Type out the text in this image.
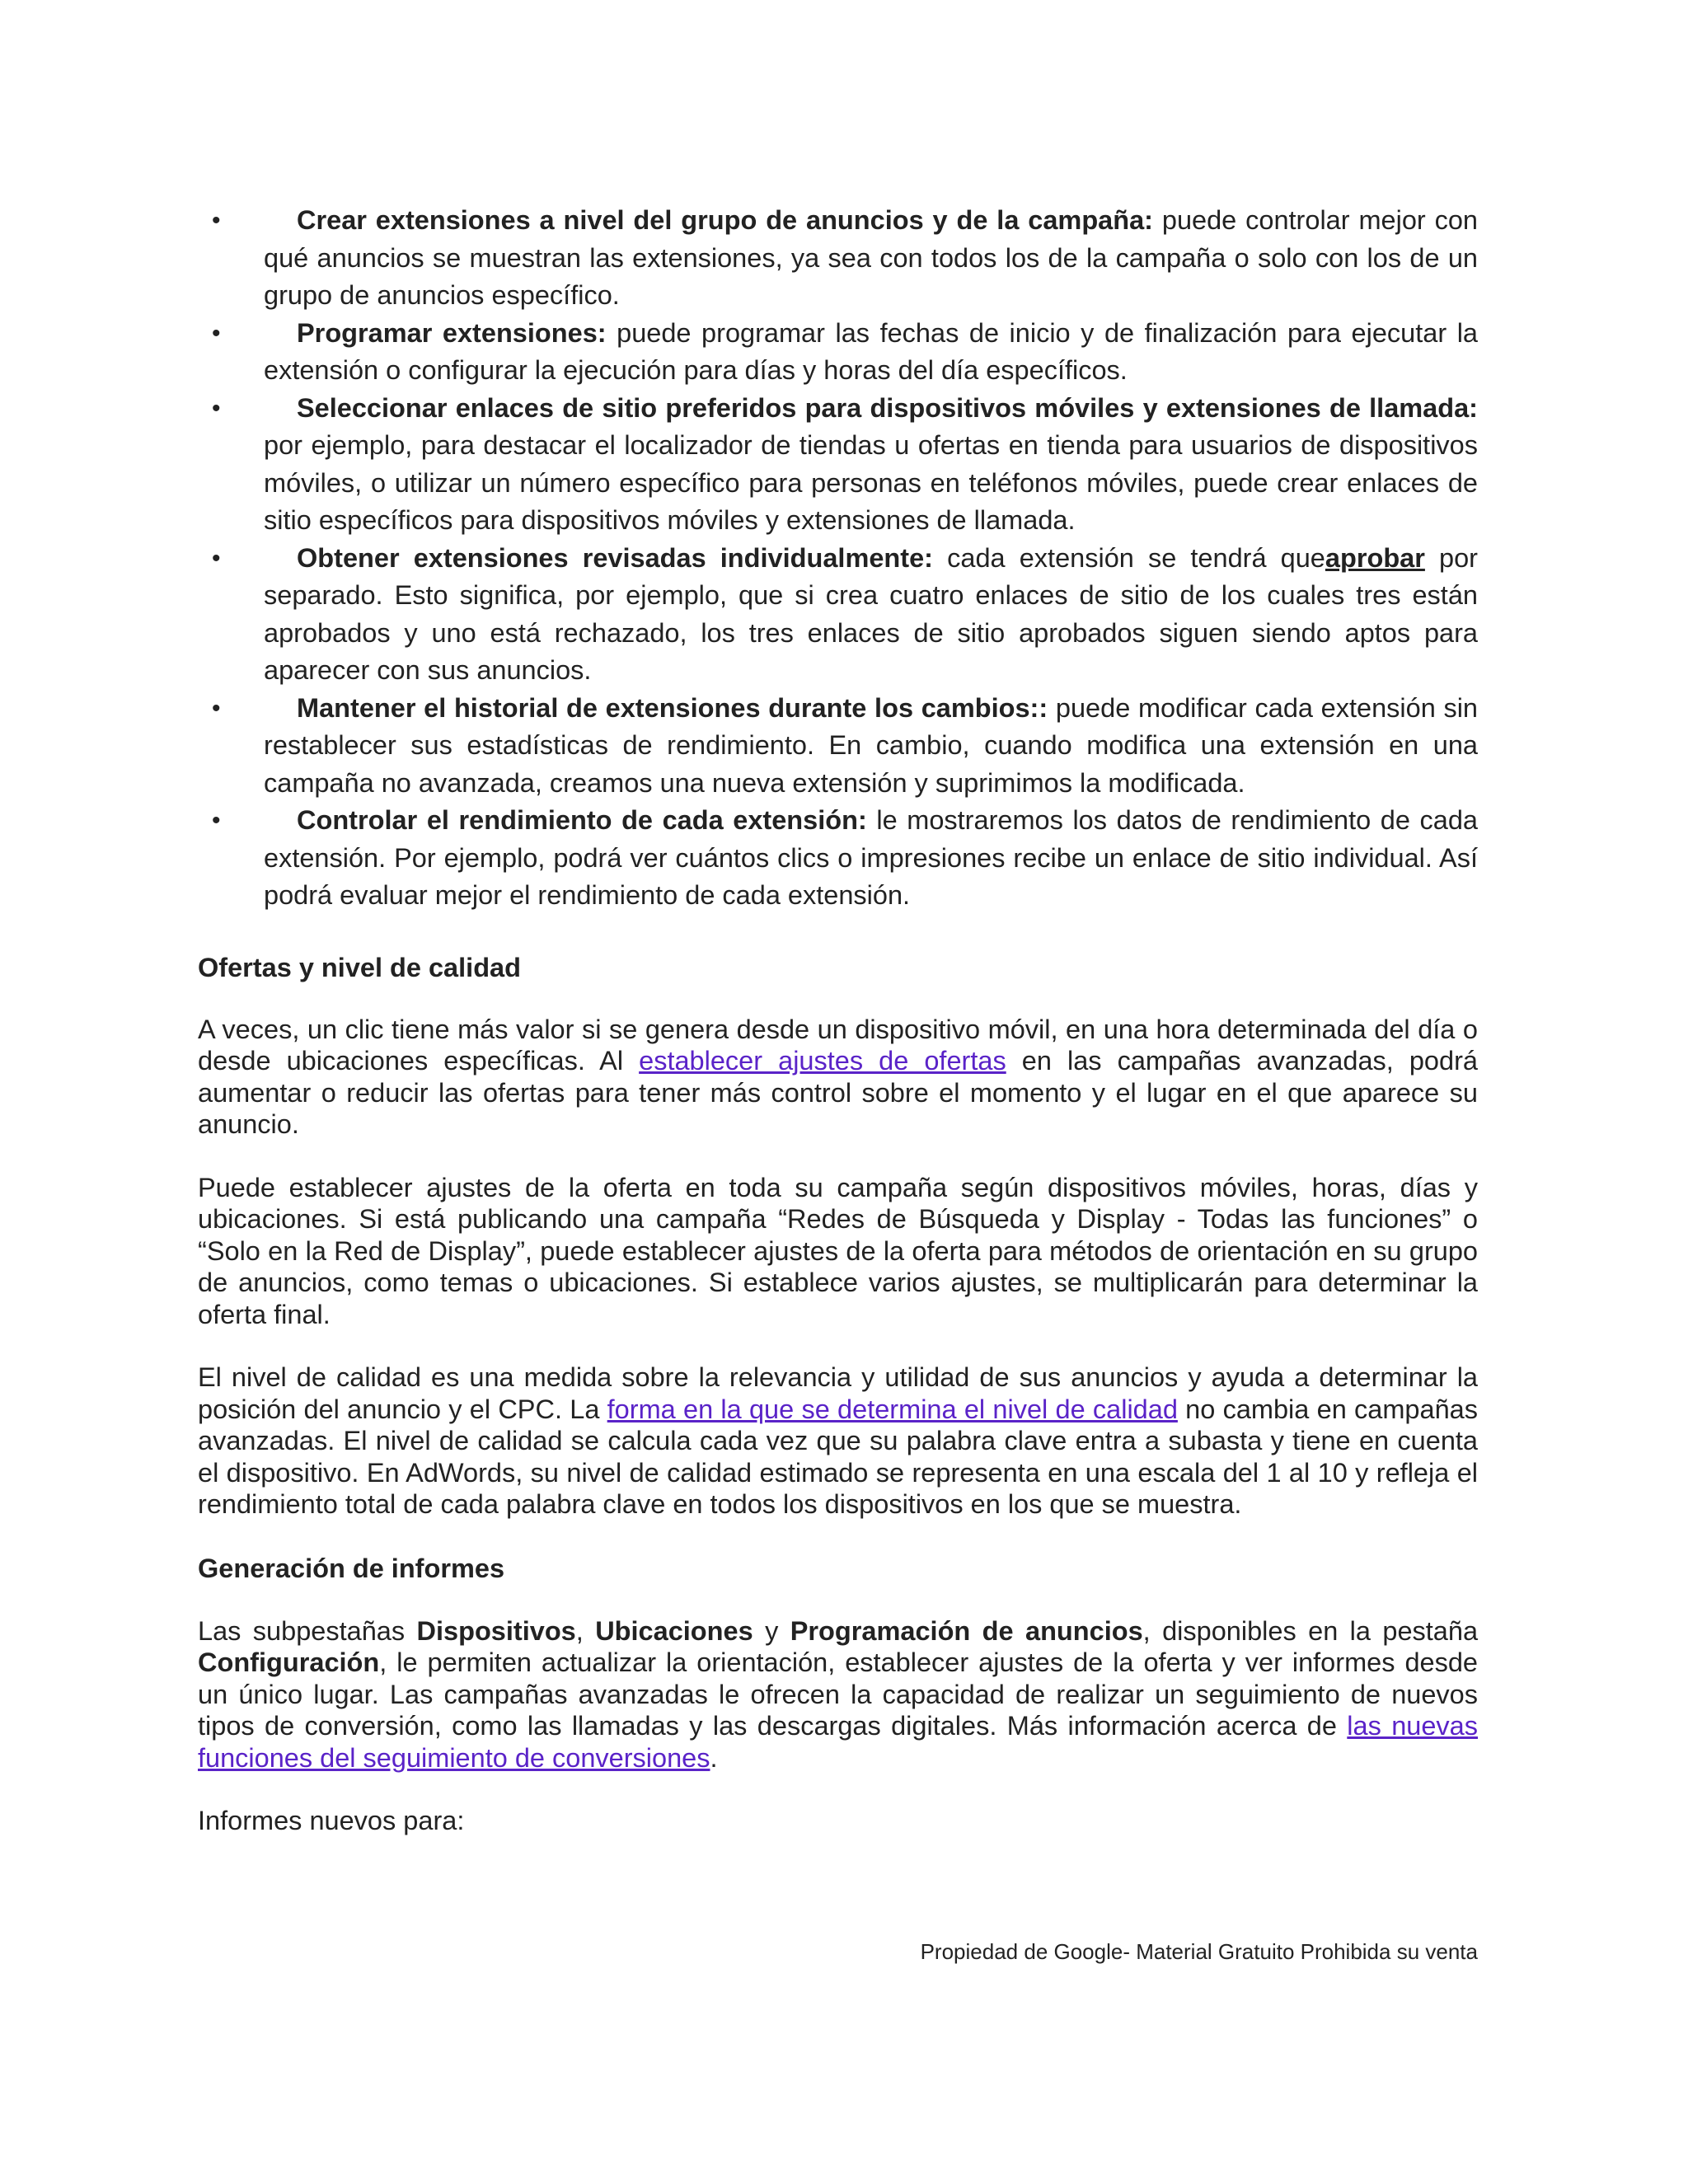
•	Crear extensiones a nivel del grupo de anuncios y de la campaña: puede controlar mejor con qué anuncios se muestran las extensiones, ya sea con todos los de la campaña o solo con los de un grupo de anuncios específico.
•	Programar extensiones: puede programar las fechas de inicio y de finalización para ejecutar la extensión o configurar la ejecución para días y horas del día específicos.
•	Seleccionar enlaces de sitio preferidos para dispositivos móviles y extensiones de llamada: por ejemplo, para destacar el localizador de tiendas u ofertas en tienda para usuarios de dispositivos móviles, o utilizar un número específico para personas en teléfonos móviles, puede crear enlaces de sitio específicos para dispositivos móviles y extensiones de llamada.
•	Obtener extensiones revisadas individualmente: cada extensión se tendrá queaprobar por separado. Esto significa, por ejemplo, que si crea cuatro enlaces de sitio de los cuales tres están aprobados y uno está rechazado, los tres enlaces de sitio aprobados siguen siendo aptos para aparecer con sus anuncios.
•	Mantener el historial de extensiones durante los cambios:: puede modificar cada extensión sin restablecer sus estadísticas de rendimiento. En cambio, cuando modifica una extensión en una campaña no avanzada, creamos una nueva extensión y suprimimos la modificada.
•	Controlar el rendimiento de cada extensión: le mostraremos los datos de rendimiento de cada extensión. Por ejemplo, podrá ver cuántos clics o impresiones recibe un enlace de sitio individual. Así podrá evaluar mejor el rendimiento de cada extensión.
Ofertas y nivel de calidad

A veces, un clic tiene más valor si se genera desde un dispositivo móvil, en una hora determinada del día o desde ubicaciones específicas. Al establecer ajustes de ofertas en las campañas avanzadas, podrá aumentar o reducir las ofertas para tener más control sobre el momento y el lugar en el que aparece su anuncio.

Puede establecer ajustes de la oferta en toda su campaña según dispositivos móviles, horas, días y ubicaciones. Si está publicando una campaña “Redes de Búsqueda y Display - Todas las funciones” o “Solo en la Red de Display”, puede establecer ajustes de la oferta para métodos de orientación en su grupo de anuncios, como temas o ubicaciones. Si establece varios ajustes, se multiplicarán para determinar la oferta final.

El nivel de calidad es una medida sobre la relevancia y utilidad de sus anuncios y ayuda a determinar la posición del anuncio y el CPC. La forma en la que se determina el nivel de calidad no cambia en campañas avanzadas. El nivel de calidad se calcula cada vez que su palabra clave entra a subasta y tiene en cuenta el dispositivo. En AdWords, su nivel de calidad estimado se representa en una escala del 1 al 10 y refleja el rendimiento total de cada palabra clave en todos los dispositivos en los que se muestra.

Generación de informes

Las subpestañas Dispositivos, Ubicaciones y Programación de anuncios, disponibles en la pestaña Configuración, le permiten actualizar la orientación, establecer ajustes de la oferta y ver informes desde un único lugar. Las campañas avanzadas le ofrecen la capacidad de realizar un seguimiento de nuevos tipos de conversión, como las llamadas y las descargas digitales. Más información acerca de las nuevas funciones del seguimiento de conversiones.

Informes nuevos para:

Propiedad de Google- Material Gratuito Prohibida su venta
